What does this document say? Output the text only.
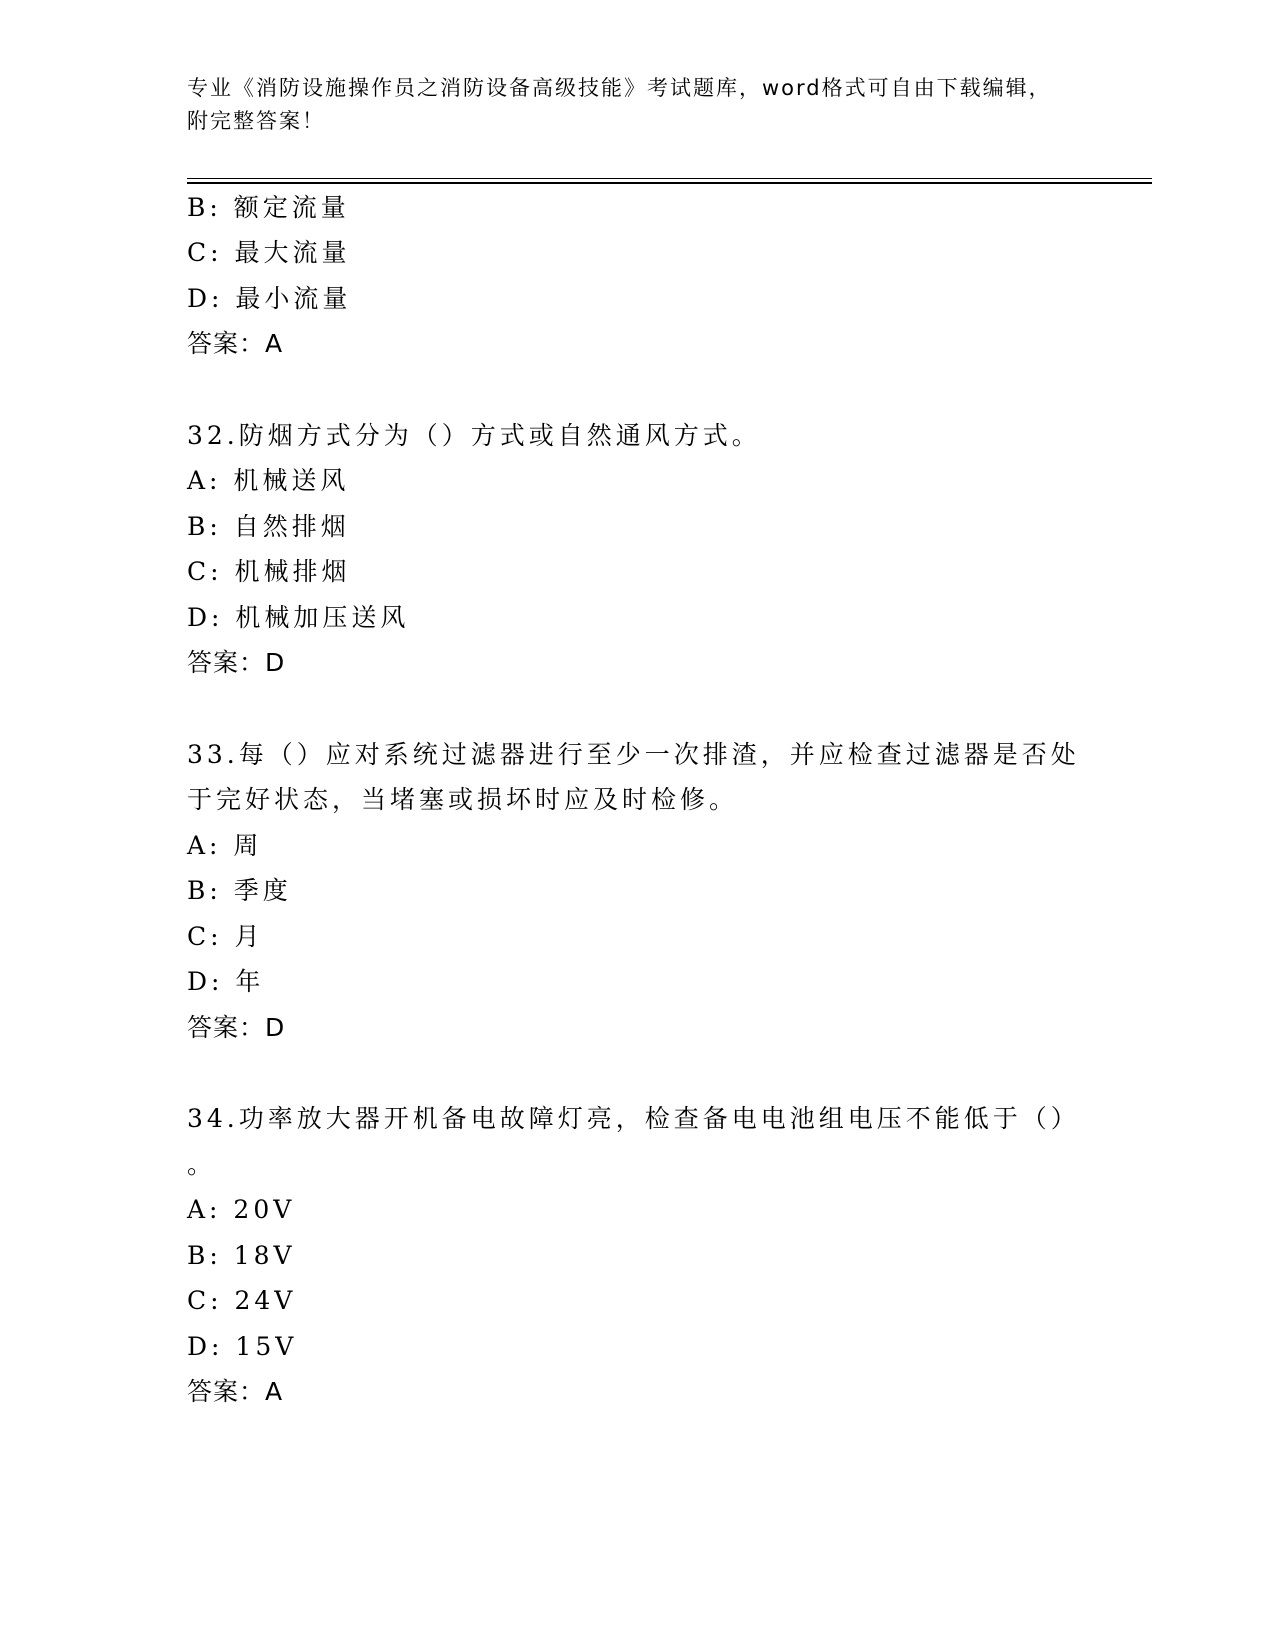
专业《消防设施操作员之消防设备高级技能》考试题库，word格式可自由下载编辑，附完整答案！
B: 额定流量
C: 最大流量
D: 最小流量
答案：A
32.防烟方式分为（）方式或自然通风方式。
A: 机械送风
B: 自然排烟
C: 机械排烟
D: 机械加压送风
答案：D
33.每（）应对系统过滤器进行至少一次排渣，并应检查过滤器是否处
于完好状态，当堵塞或损坏时应及时检修。
A: 周
B: 季度
C: 月
D: 年
答案：D
34.功率放大器开机备电故障灯亮，检查备电电池组电压不能低于（）
。
A: 20V
B: 18V
C: 24V
D: 15V
答案：A
